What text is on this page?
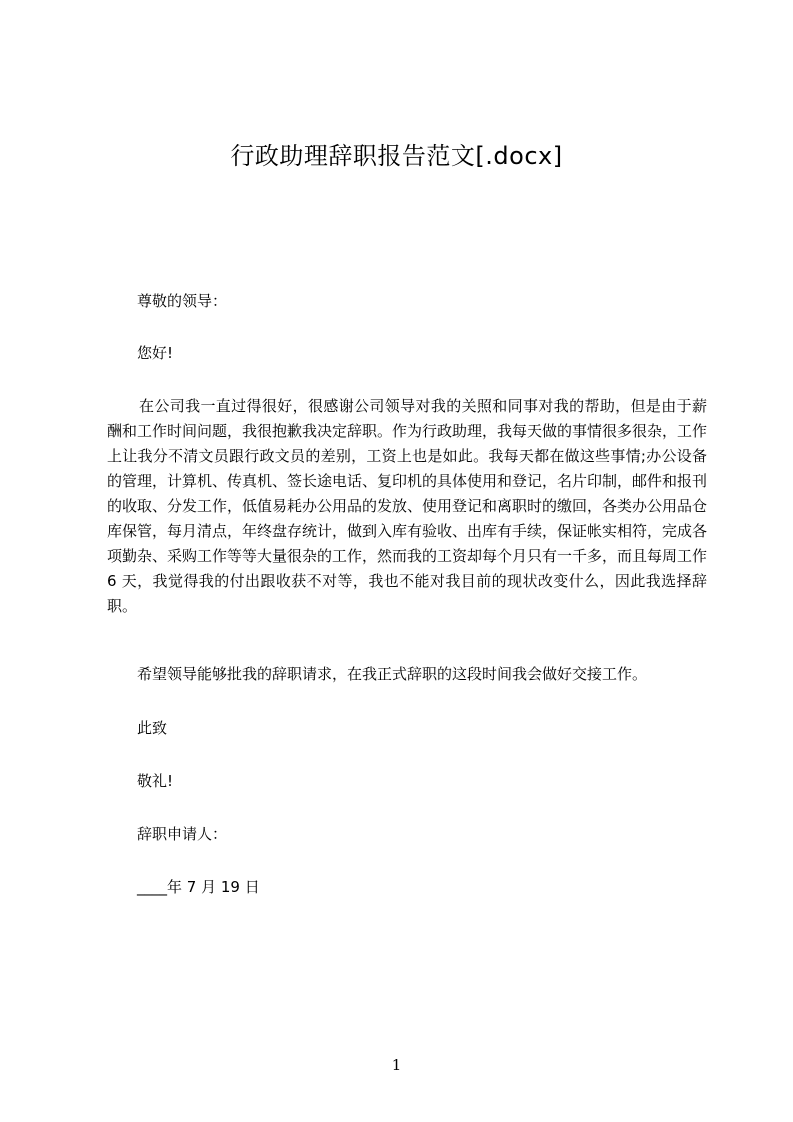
行政助理辞职报告范文[.docx]
尊敬的领导：
您好!
在公司我一直过得很好，很感谢公司领导对我的关照和同事对我的帮助，但是由于薪酬和工作时间问题，我很抱歉我决定辞职。作为行政助理，我每天做的事情很多很杂，工作上让我分不清文员跟行政文员的差别，工资上也是如此。我每天都在做这些事情;办公设备的管理，计算机、传真机、签长途电话、复印机的具体使用和登记，名片印制，邮件和报刊的收取、分发工作，低值易耗办公用品的发放、使用登记和离职时的缴回，各类办公用品仓库保管，每月清点，年终盘存统计，做到入库有验收、出库有手续，保证帐实相符，完成各项勤杂、采购工作等等大量很杂的工作，然而我的工资却每个月只有一千多，而且每周工作 6 天，我觉得我的付出跟收获不对等，我也不能对我目前的现状改变什么，因此我选择辞职。
希望领导能够批我的辞职请求，在我正式辞职的这段时间我会做好交接工作。
此致
敬礼!
辞职申请人：
____年 7 月 19 日
1
